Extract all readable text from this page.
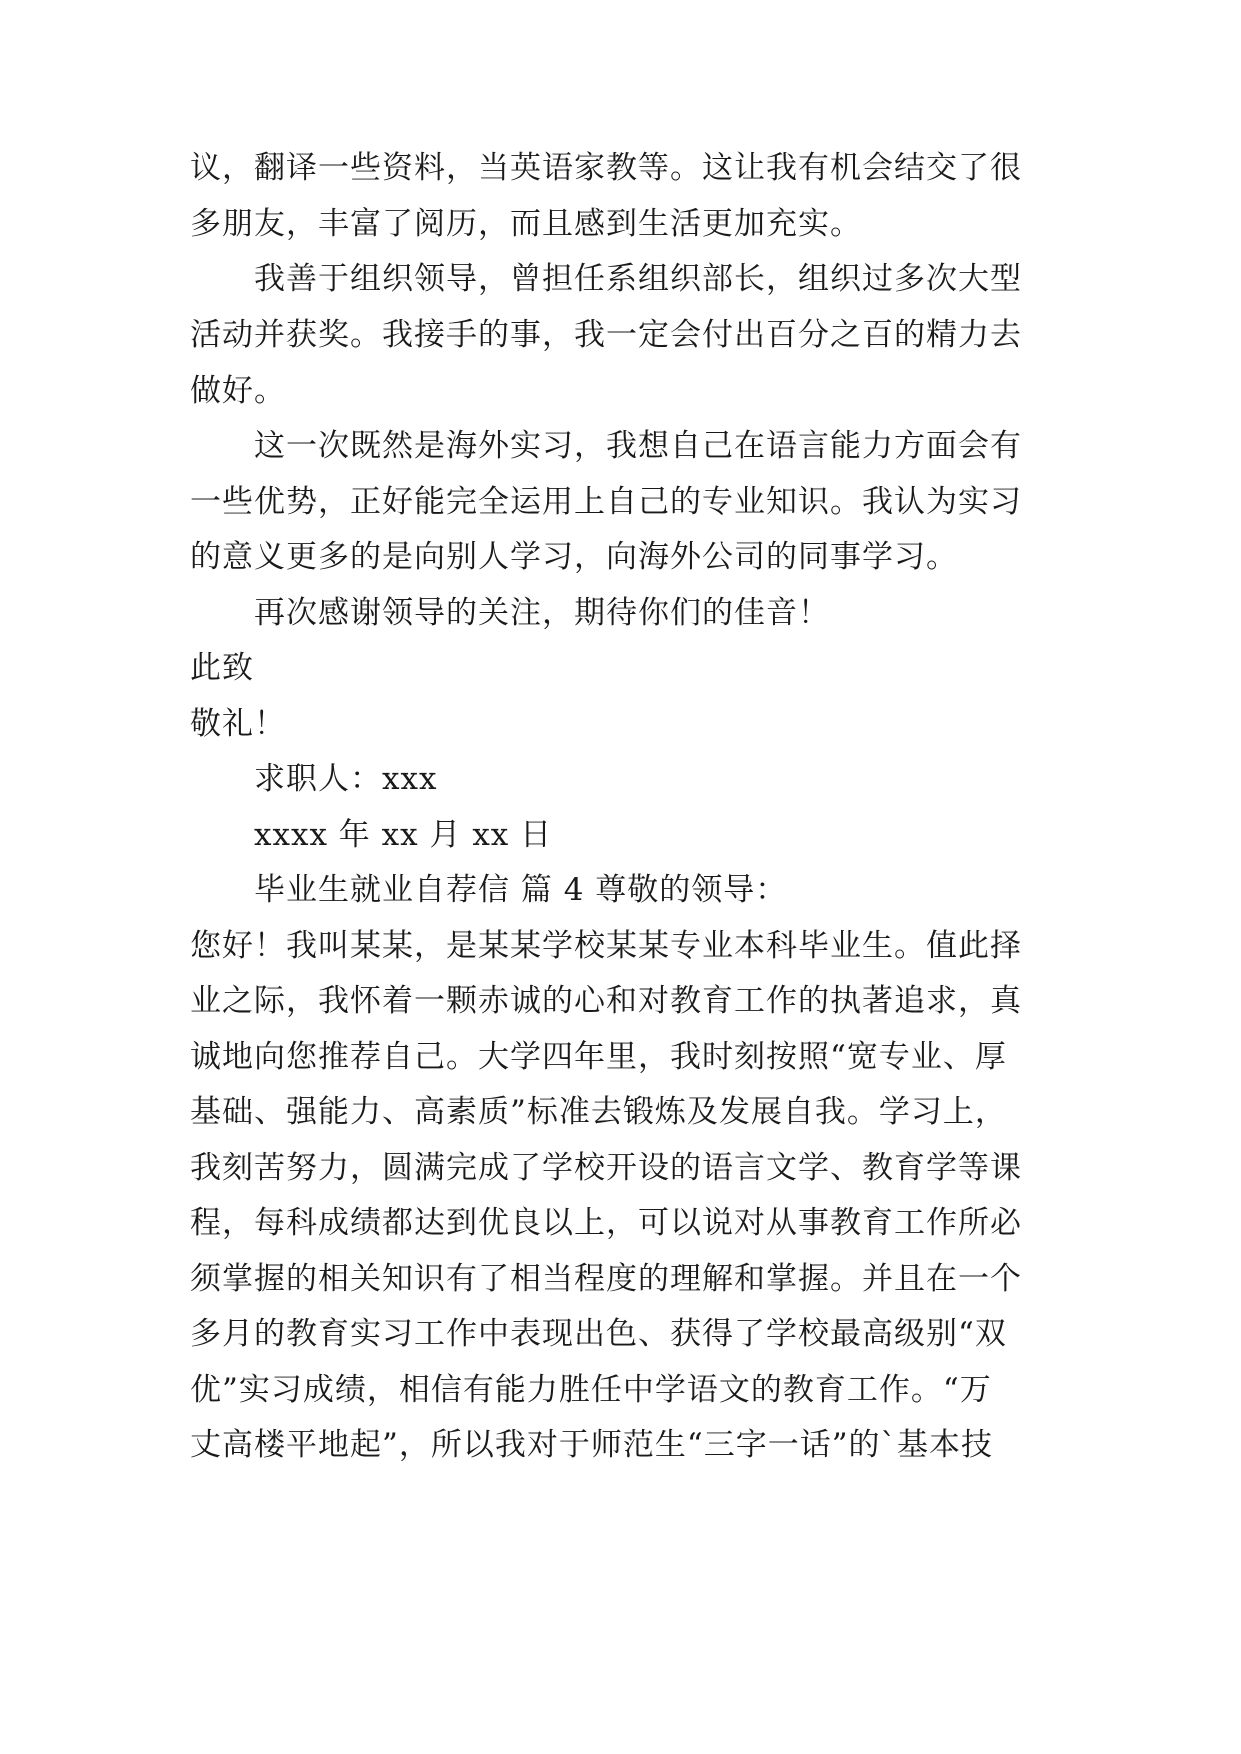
议，翻译一些资料，当英语家教等。这让我有机会结交了很
多朋友，丰富了阅历，而且感到生活更加充实。
我善于组织领导，曾担任系组织部长，组织过多次大型
活动并获奖。我接手的事，我一定会付出百分之百的精力去
做好。
这一次既然是海外实习，我想自己在语言能力方面会有
一些优势，正好能完全运用上自己的专业知识。我认为实习
的意义更多的是向别人学习，向海外公司的同事学习。
再次感谢领导的关注，期待你们的佳音！
此致
敬礼！
求职人：xxx
xxxx 年 xx 月 xx 日
毕业生就业自荐信 篇 4 尊敬的领导：
您好！我叫某某，是某某学校某某专业本科毕业生。值此择
业之际，我怀着一颗赤诚的心和对教育工作的执著追求，真
诚地向您推荐自己。大学四年里，我时刻按照“宽专业、厚
基础、强能力、高素质”标准去锻炼及发展自我。学习上，
我刻苦努力，圆满完成了学校开设的语言文学、教育学等课
程，每科成绩都达到优良以上，可以说对从事教育工作所必
须掌握的相关知识有了相当程度的理解和掌握。并且在一个
多月的教育实习工作中表现出色、获得了学校最高级别“双
优”实习成绩，相信有能力胜任中学语文的教育工作。“万
丈高楼平地起”，所以我对于师范生“三字一话”的`基本技
